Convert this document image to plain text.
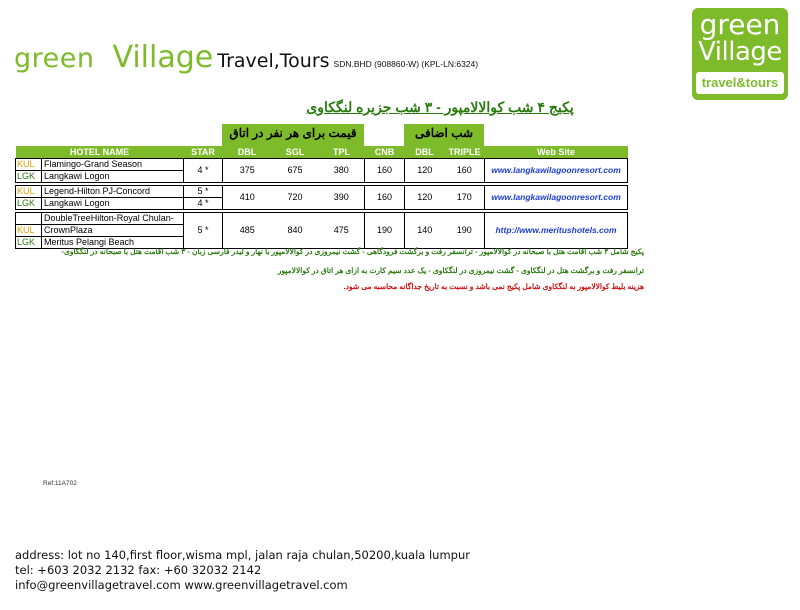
green Village Travel,Tours SDN.BHD (908860-W) (KPL-LN:6324)
green
Village
travel&tours
پکیج ۴ شب کوالالامپور - ۳ شب جزیره لنگکاوی
قیمت برای هر نفر در اتاق	شب اضافی
HOTEL NAME		STAR	DBL	SGL	TPL	CNB	DBL	TRIPLE	Web Site
KUL	Flamingo-Grand Season	4 *	375	675	380	160	120	160	www.langkawilagoonresort.com
LGK	Langkawi Logon								

KUL	Legend-Hilton PJ-Concord	5 *	410	720	390	160	120	170	www.langkawilagoonresort.com
LGK	Langkawi Logon	4 *							

	DoubleTreeHilton-Royal Chulan-	5 *	485	840	475	190	140	190	http://www.meritushotels.com
KUL	CrownPlaza								
LGK	Meritus Pelangi Beach								
پکیج شامل ۴ شب اقامت هتل با صبحانه در کوالالامپور - ترانسفر رفت و برگشت فرودگاهی - گشت نیمروزی در کوالالامپور با نهار و لیدر فارسی زبان - ۳ شب اقامت هتل با صبحانه در لنگکاوی-
ترانسفر رفت و برگشت هتل در لنگکاوی - گشت نیمروزی در لنگکاوی - یک عدد سیم کارت به ازای هر اتاق در کوالالامپور
هزینه بلیط کوالالامپور به لنگکاوی شامل پکیج نمی باشد و نسبت به تاریخ جداگانه محاسبه می شود.
Ref:11A702
address: lot no 140,first floor,wisma mpl, jalan raja chulan,50200,kuala lumpur
tel: +603 2032 2132 fax: +60 32032 2142
info@greenvillagetravel.com www.greenvillagetravel.com
